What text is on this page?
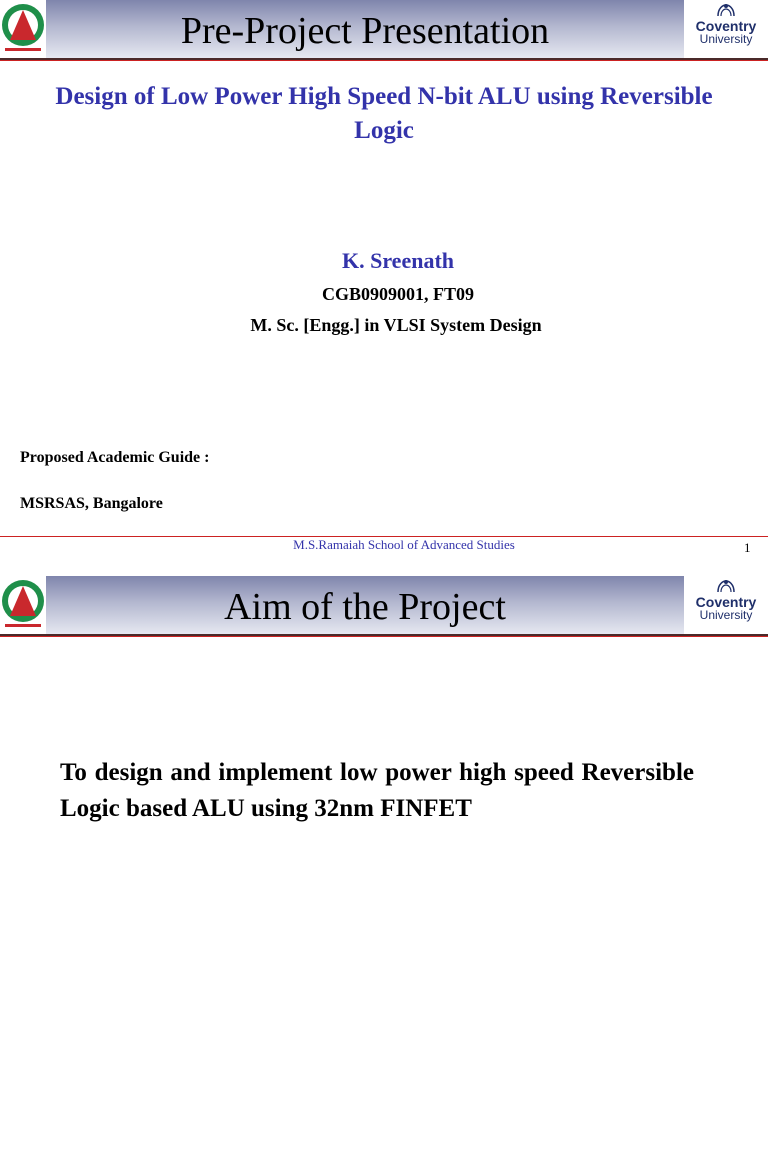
Pre-Project Presentation	Coventry
University
Design of Low Power High Speed N-bit ALU using Reversible Logic

K. Sreenath

CGB0909001, FT09

M. Sc. [Engg.] in VLSI System Design

Proposed Academic Guide :

MSRSAS, Bangalore

M.S.Ramaiah School of Advanced Studies	1

Aim of the Project	Coventry
University

To design and implement low power high speed Reversible Logic based ALU using 32nm FINFET
